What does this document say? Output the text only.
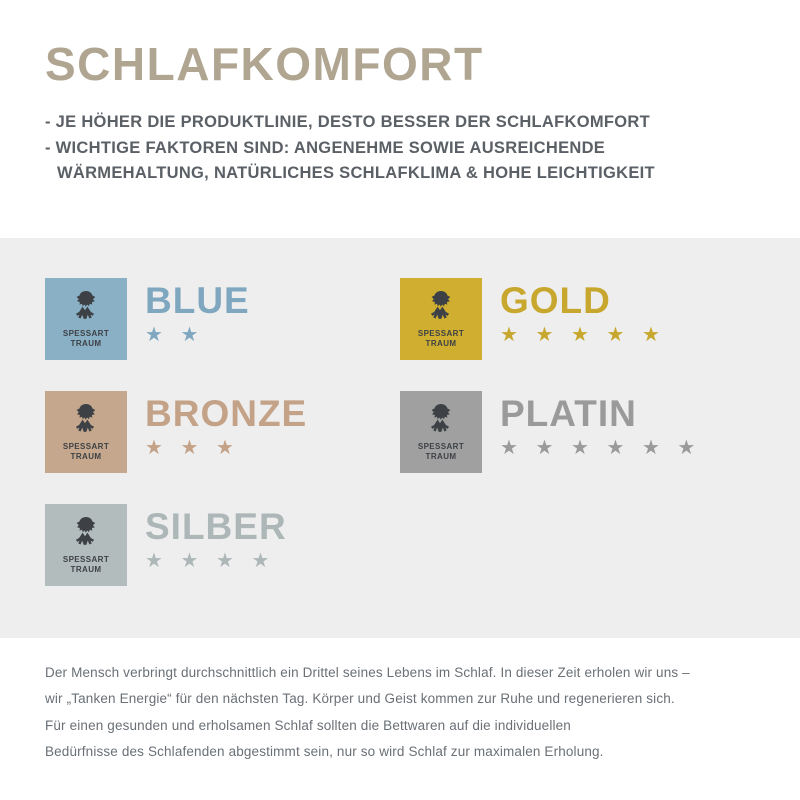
SCHLAFKOMFORT
- JE HÖHER DIE PRODUKTLINIE, DESTO BESSER DER SCHLAFKOMFORT
- WICHTIGE FAKTOREN SIND: ANGENEHME SOWIE AUSREICHENDE
WÄRMEHALTUNG, NATÜRLICHES SCHLAFKLIMA & HOHE LEICHTIGKEIT
SPESSART
TRAUM
BLUE
★ ★	SPESSART
TRAUM
GOLD
★ ★ ★ ★ ★
SPESSART
TRAUM
BRONZE
★ ★ ★	SPESSART
TRAUM
PLATIN
★ ★ ★ ★ ★ ★
SPESSART
TRAUM
SILBER
★ ★ ★ ★

Der Mensch verbringt durchschnittlich ein Drittel seines Lebens im Schlaf. In dieser Zeit erholen wir uns –

wir „Tanken Energie“ für den nächsten Tag. Körper und Geist kommen zur Ruhe und regenerieren sich.

Für einen gesunden und erholsamen Schlaf sollten die Bettwaren auf die individuellen

Bedürfnisse des Schlafenden abgestimmt sein, nur so wird Schlaf zur maximalen Erholung.
